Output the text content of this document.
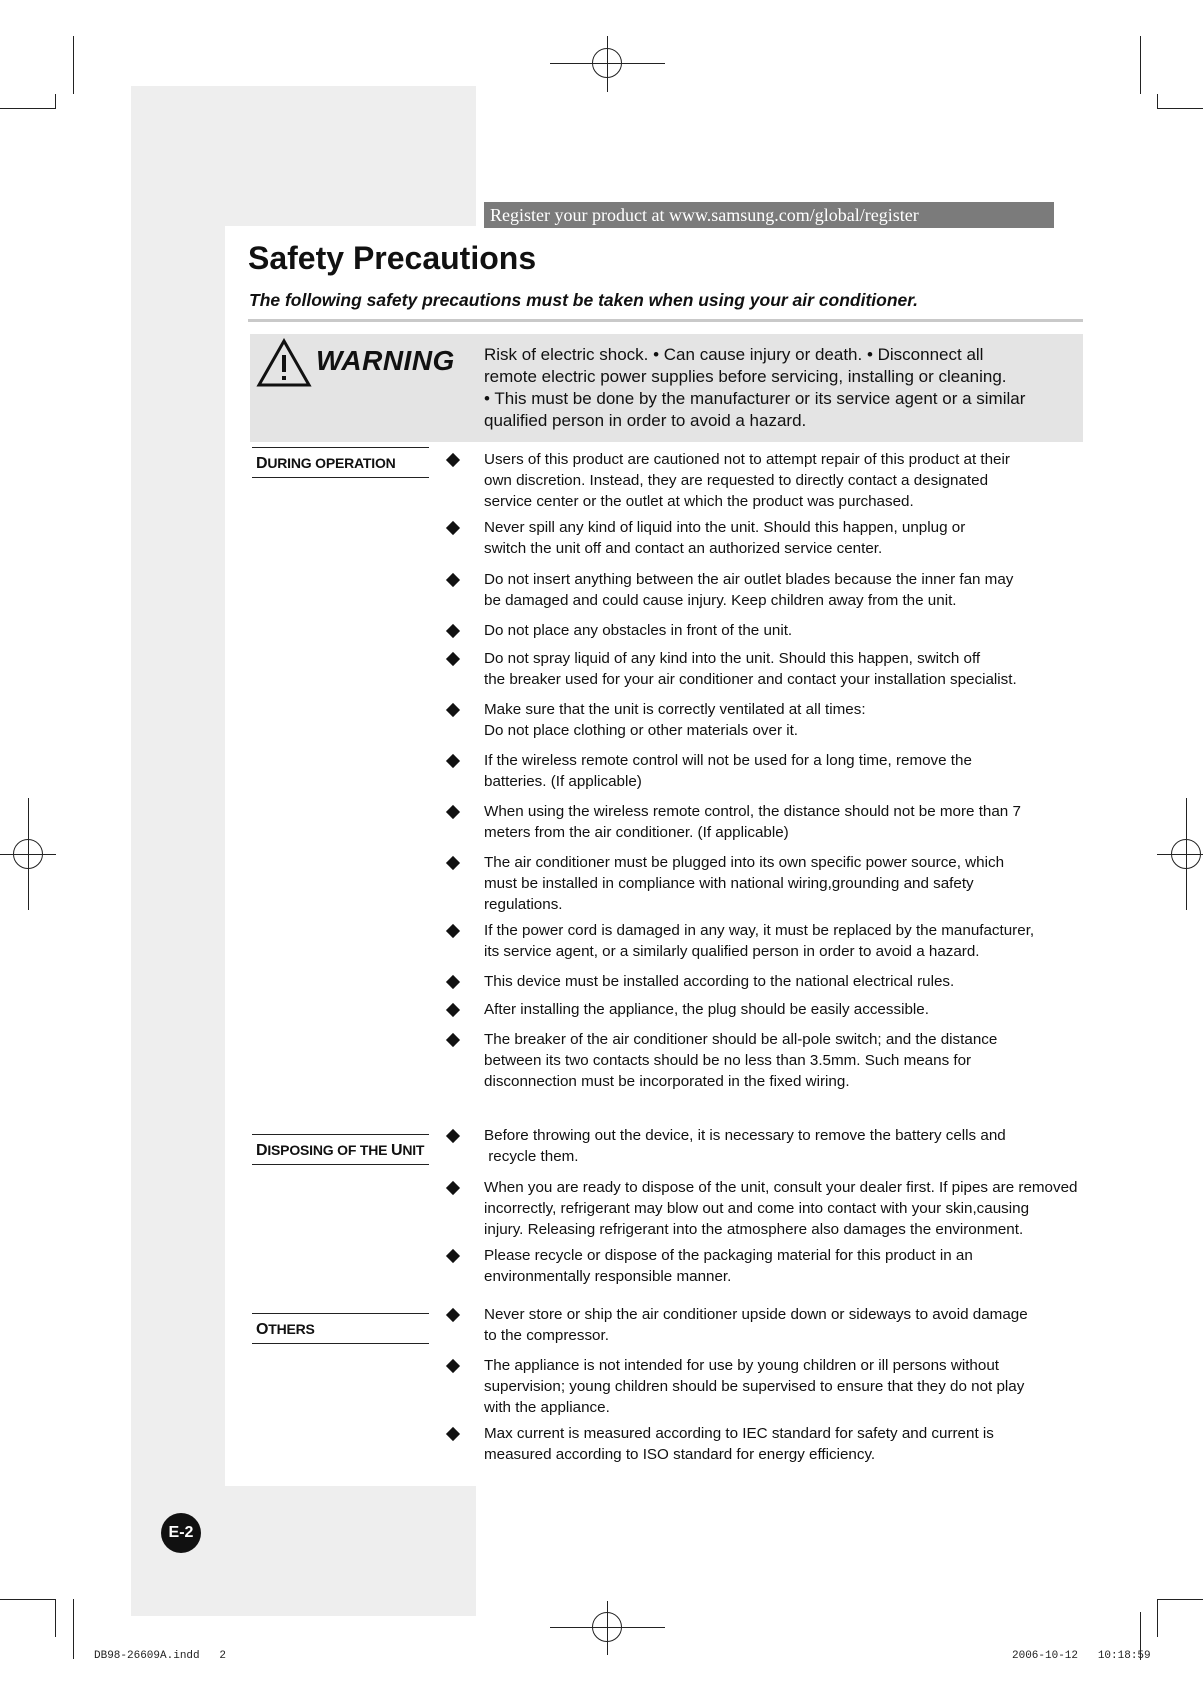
Register your product at www.samsung.com/global/register
Safety Precautions
The following safety precautions must be taken when using your air conditioner.
WARNING Risk of electric shock. • Can cause injury or death. • Disconnect all
remote electric power supplies before servicing, installing or cleaning.
• This must be done by the manufacturer or its service agent or a similar
qualified person in order to avoid a hazard.
DURING OPERATION
DISPOSING OF THE UNIT
OTHERS
Users of this product are cautioned not to attempt repair of this product at their
own discretion. Instead, they are requested to directly contact a designated
service center or the outlet at which the product was purchased.
Never spill any kind of liquid into the unit. Should this happen, unplug or
switch the unit off and contact an authorized service center.
Do not insert anything between the air outlet blades because the inner fan may
be damaged and could cause injury. Keep children away from the unit.
Do not place any obstacles in front of the unit.
Do not spray liquid of any kind into the unit. Should this happen, switch off
the breaker used for your air conditioner and contact your installation specialist.
Make sure that the unit is correctly ventilated at all times:
Do not place clothing or other materials over it.
If the wireless remote control will not be used for a long time, remove the
batteries. (If applicable)
When using the wireless remote control, the distance should not be more than 7
meters from the air conditioner. (If applicable)
The air conditioner must be plugged into its own specific power source, which
must be installed in compliance with national wiring,grounding and safety
regulations.
If the power cord is damaged in any way, it must be replaced by the manufacturer,
its service agent, or a similarly qualified person in order to avoid a hazard.
This device must be installed according to the national electrical rules.
After installing the appliance, the plug should be easily accessible.
The breaker of the air conditioner should be all-pole switch; and the distance
between its two contacts should be no less than 3.5mm. Such means for
disconnection must be incorporated in the fixed wiring.
Before throwing out the device, it is necessary to remove the battery cells and
recycle them.
When you are ready to dispose of the unit, consult your dealer first. If pipes are removed
incorrectly, refrigerant may blow out and come into contact with your skin,causing
injury. Releasing refrigerant into the atmosphere also damages the environment.
Please recycle or dispose of the packaging material for this product in an
environmentally responsible manner.
Never store or ship the air conditioner upside down or sideways to avoid damage
to the compressor.
The appliance is not intended for use by young children or ill persons without
supervision; young children should be supervised to ensure that they do not play
with the appliance.
Max current is measured according to IEC standard for safety and current is
measured according to ISO standard for energy efficiency.
E-2
DB98-26609A.indd   2	2006-10-12   10:18:59
